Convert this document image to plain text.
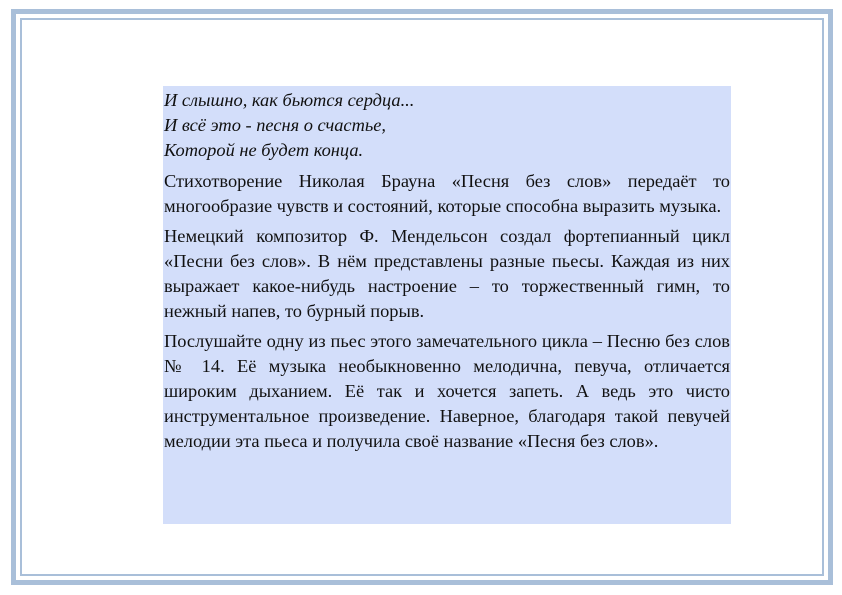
И слышно, как бьются сердца...

И всё это - песня о счастье,

Которой не будет конца.

Стихотворение Николая Брауна «Песня без слов» передаёт то многообразие чувств и состояний, которые способна выразить музыка.

Немецкий композитор Ф. Мендельсон создал фортепианный цикл «Песни без слов». В нём представлены разные пьесы. Каждая из них выражает какое-нибудь настроение – то торжественный гимн, то нежный напев, то бурный порыв.

Послушайте одну из пьес этого замечательного цикла – Песню без слов № 14. Её музыка необыкновенно мелодична, певуча, отличается широким дыханием. Её так и хочется запеть. А ведь это чисто инструментальное произведение. Наверное, благодаря такой певучей мелодии эта пьеса и получила своё название «Песня без слов».
